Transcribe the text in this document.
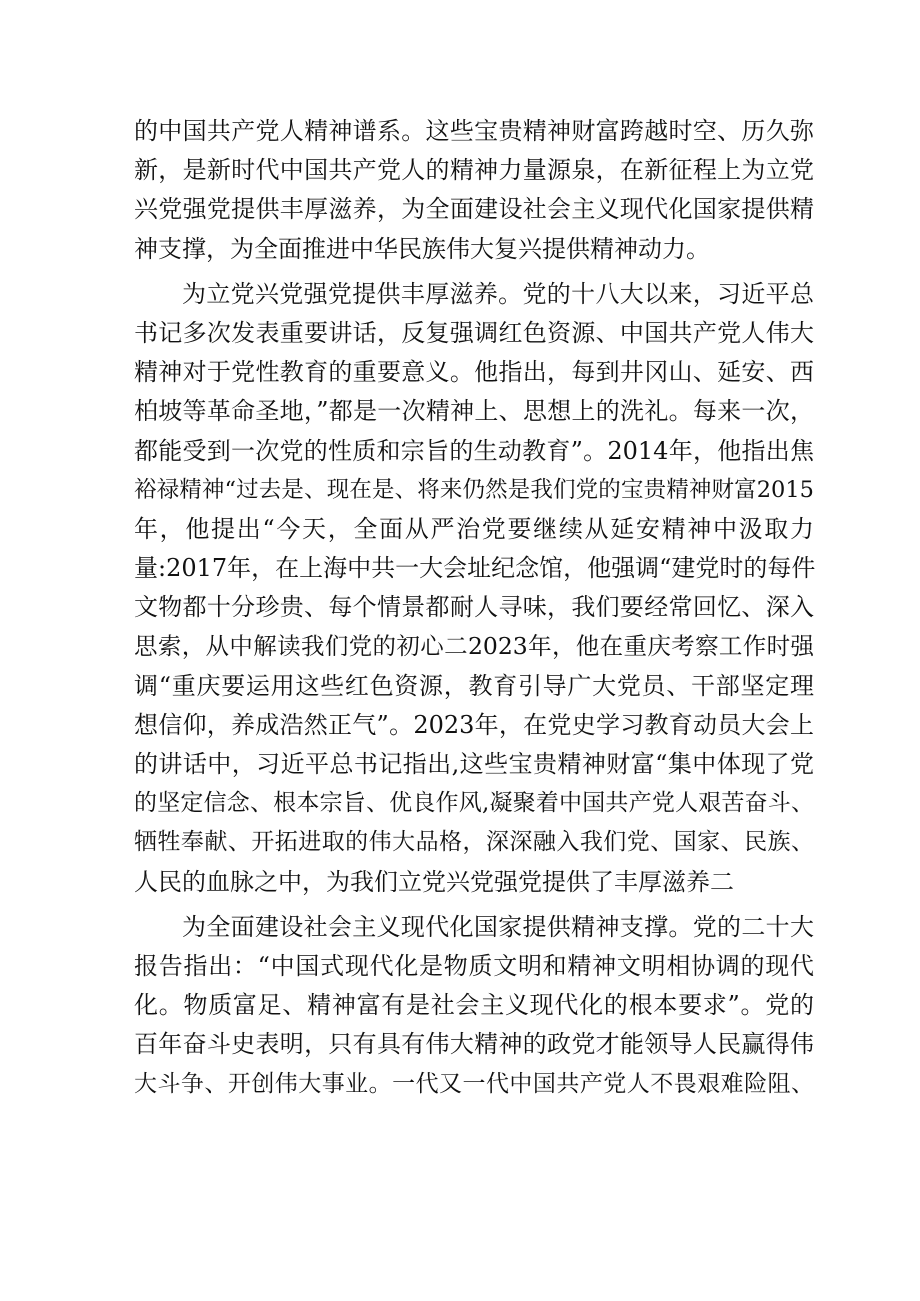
的中国共产党人精神谱系。这些宝贵精神财富跨越时空、历久弥
新，是新时代中国共产党人的精神力量源泉，在新征程上为立党
兴党强党提供丰厚滋养，为全面建设社会主义现代化国家提供精
神支撑，为全面推进中华民族伟大复兴提供精神动力。
为立党兴党强党提供丰厚滋养。党的十八大以来，习近平总
书记多次发表重要讲话，反复强调红色资源、中国共产党人伟大
精神对于党性教育的重要意义。他指出，每到井冈山、延安、西
柏坡等革命圣地，”都是一次精神上、思想上的洗礼。每来一次，
都能受到一次党的性质和宗旨的生动教育”。2014年，他指出焦
裕禄精神“过去是、现在是、将来仍然是我们党的宝贵精神财富2015
年，他提出“今天，全面从严治党要继续从延安精神中汲取力
量:2017年，在上海中共一大会址纪念馆，他强调“建党时的每件
文物都十分珍贵、每个情景都耐人寻味，我们要经常回忆、深入
思索，从中解读我们党的初心二2023年，他在重庆考察工作时强
调“重庆要运用这些红色资源，教育引导广大党员、干部坚定理
想信仰，养成浩然正气”。2023年，在党史学习教育动员大会上
的讲话中，习近平总书记指出,这些宝贵精神财富“集中体现了党
的坚定信念、根本宗旨、优良作风,凝聚着中国共产党人艰苦奋斗、
牺牲奉献、开拓进取的伟大品格，深深融入我们党、国家、民族、
人民的血脉之中，为我们立党兴党强党提供了丰厚滋养二
为全面建设社会主义现代化国家提供精神支撑。党的二十大
报告指出：“中国式现代化是物质文明和精神文明相协调的现代
化。物质富足、精神富有是社会主义现代化的根本要求”。党的
百年奋斗史表明，只有具有伟大精神的政党才能领导人民赢得伟
大斗争、开创伟大事业。一代又一代中国共产党人不畏艰难险阻、
